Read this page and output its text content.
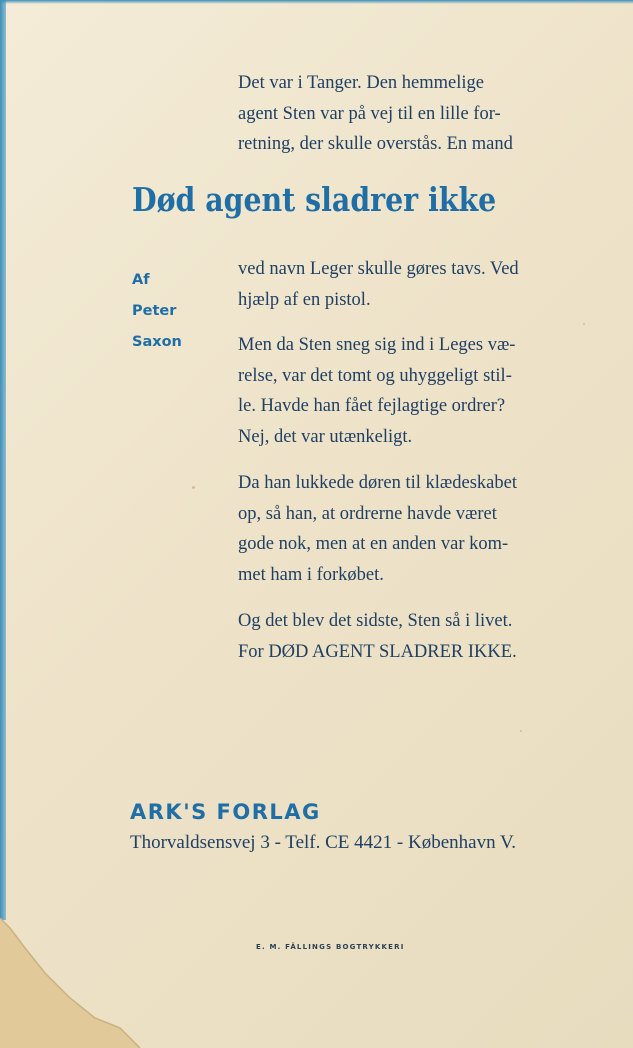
Det var i Tanger. Den hemmelige
agent Sten var på vej til en lille for-
retning, der skulle overstås. En mand
Død agent sladrer ikke
Af
Peter
Saxon
ved navn Leger skulle gøres tavs. Ved
hjælp af en pistol.
Men da Sten sneg sig ind i Leges væ-
relse, var det tomt og uhyggeligt stil-
le. Havde han fået fejlagtige ordrer?
Nej, det var utænkeligt.
Da han lukkede døren til klædeskabet
op, så han, at ordrerne havde været
gode nok, men at en anden var kom-
met ham i forkøbet.
Og det blev det sidste, Sten så i livet.
For DØD AGENT SLADRER IKKE.
ARK'S FORLAG
Thorvaldsensvej 3 - Telf. CE 4421 - København V.
E. M. FÄLLINGS BOGTRYKKERI
